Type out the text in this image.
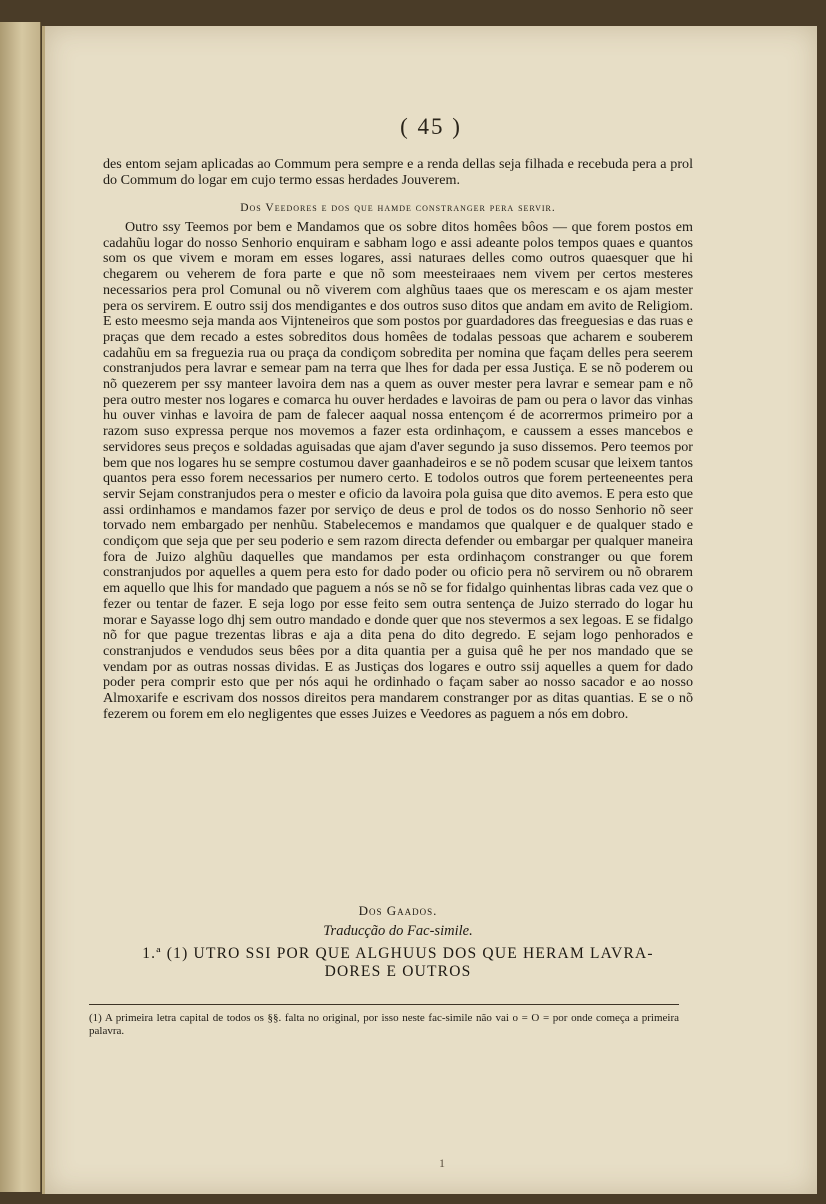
( 45 )

des entom sejam aplicadas ao Commum pera sempre e a renda dellas seja filhada e recebuda pera a prol do Commum do logar em cujo termo essas herdades Jouverem.

Dos Veedores e dos que hamde constranger pera servir.

Outro ssy Teemos por bem e Mandamos que os sobre ditos homêes bôos — que forem postos em cadahũu logar do nosso Senhorio enquiram e sabham logo e assi adeante polos tempos quaes e quantos som os que vivem e moram em esses logares, assi naturaes delles como outros quaesquer que hi chegarem ou veherem de fora parte e que nõ som meesteiraaes nem vivem per certos mesteres necessarios pera prol Comunal ou nõ viverem com alghũus taaes que os merescam e os ajam mester pera os servirem. E outro ssij dos mendigantes e dos outros suso ditos que andam em avito de Religiom. E esto meesmo seja manda aos Vijnteneiros que som postos por guardadores das freeguesias e das ruas e praças que dem recado a estes sobreditos dous homêes de todalas pessoas que acharem e souberem cadahũu em sa freguezia rua ou praça da condiçom sobredita per nomina que façam delles pera seerem constranjudos pera lavrar e semear pam na terra que lhes for dada per essa Justiça. E se nõ poderem ou nõ quezerem per ssy manteer lavoira dem nas a quem as ouver mester pera lavrar e semear pam e nõ pera outro mester nos logares e comarca hu ouver herdades e lavoiras de pam ou pera o lavor das vinhas hu ouver vinhas e lavoira de pam de falecer aaqual nossa entençom é de acorrermos primeiro por a razom suso expressa perque nos movemos a fazer esta ordinhaçom, e caussem a esses mancebos e servidores seus preços e soldadas aguisadas que ajam d'aver segundo ja suso dissemos. Pero teemos por bem que nos logares hu se sempre costumou daver gaanhadeiros e se nõ podem scusar que leixem tantos quantos pera esso forem necessarios per numero certo. E todolos outros que forem perteeneentes pera servir Sejam constranjudos pera o mester e oficio da lavoira pola guisa que dito avemos. E pera esto que assi ordinhamos e mandamos fazer por serviço de deus e prol de todos os do nosso Senhorio nõ seer torvado nem embargado per nenhũu. Stabelecemos e mandamos que qualquer e de qualquer stado e condiçom que seja que per seu poderio e sem razom directa defender ou embargar per qualquer maneira fora de Juizo alghũu daquelles que mandamos per esta ordinhaçom constranger ou que forem constranjudos por aquelles a quem pera esto for dado poder ou oficio pera nõ servirem ou nõ obrarem em aquello que lhis for mandado que paguem a nós se nõ se for fidalgo quinhentas libras cada vez que o fezer ou tentar de fazer. E seja logo por esse feito sem outra sentença de Juizo sterrado do logar hu morar e Sayasse logo dhj sem outro mandado e donde quer que nos stevermos a sex legoas. E se fidalgo nõ for que pague trezentas libras e aja a dita pena do dito degredo. E sejam logo penhorados e constranjudos e vendudos seus bêes por a dita quantia per a guisa quê he per nos mandado que se vendam por as outras nossas dividas. E as Justiças dos logares e outro ssij aquelles a quem for dado poder pera comprir esto que per nós aqui he ordinhado o façam saber ao nosso sacador e ao nosso Almoxarife e escrivam dos nossos direitos pera mandarem constranger por as ditas quantias. E se o nõ fezerem ou forem em elo negligentes que esses Juizes e Veedores as paguem a nós em dobro.

Dos Gaados.
Traducção do Fac-simile.
1.ª (1) UTRO SSI POR QUE ALGHUUS DOS QUE HERAM LAVRA-
DORES E OUTROS
(1) A primeira letra capital de todos os §§. falta no original, por isso neste fac-simile não vai o = O = por onde começa a primeira palavra.
1
